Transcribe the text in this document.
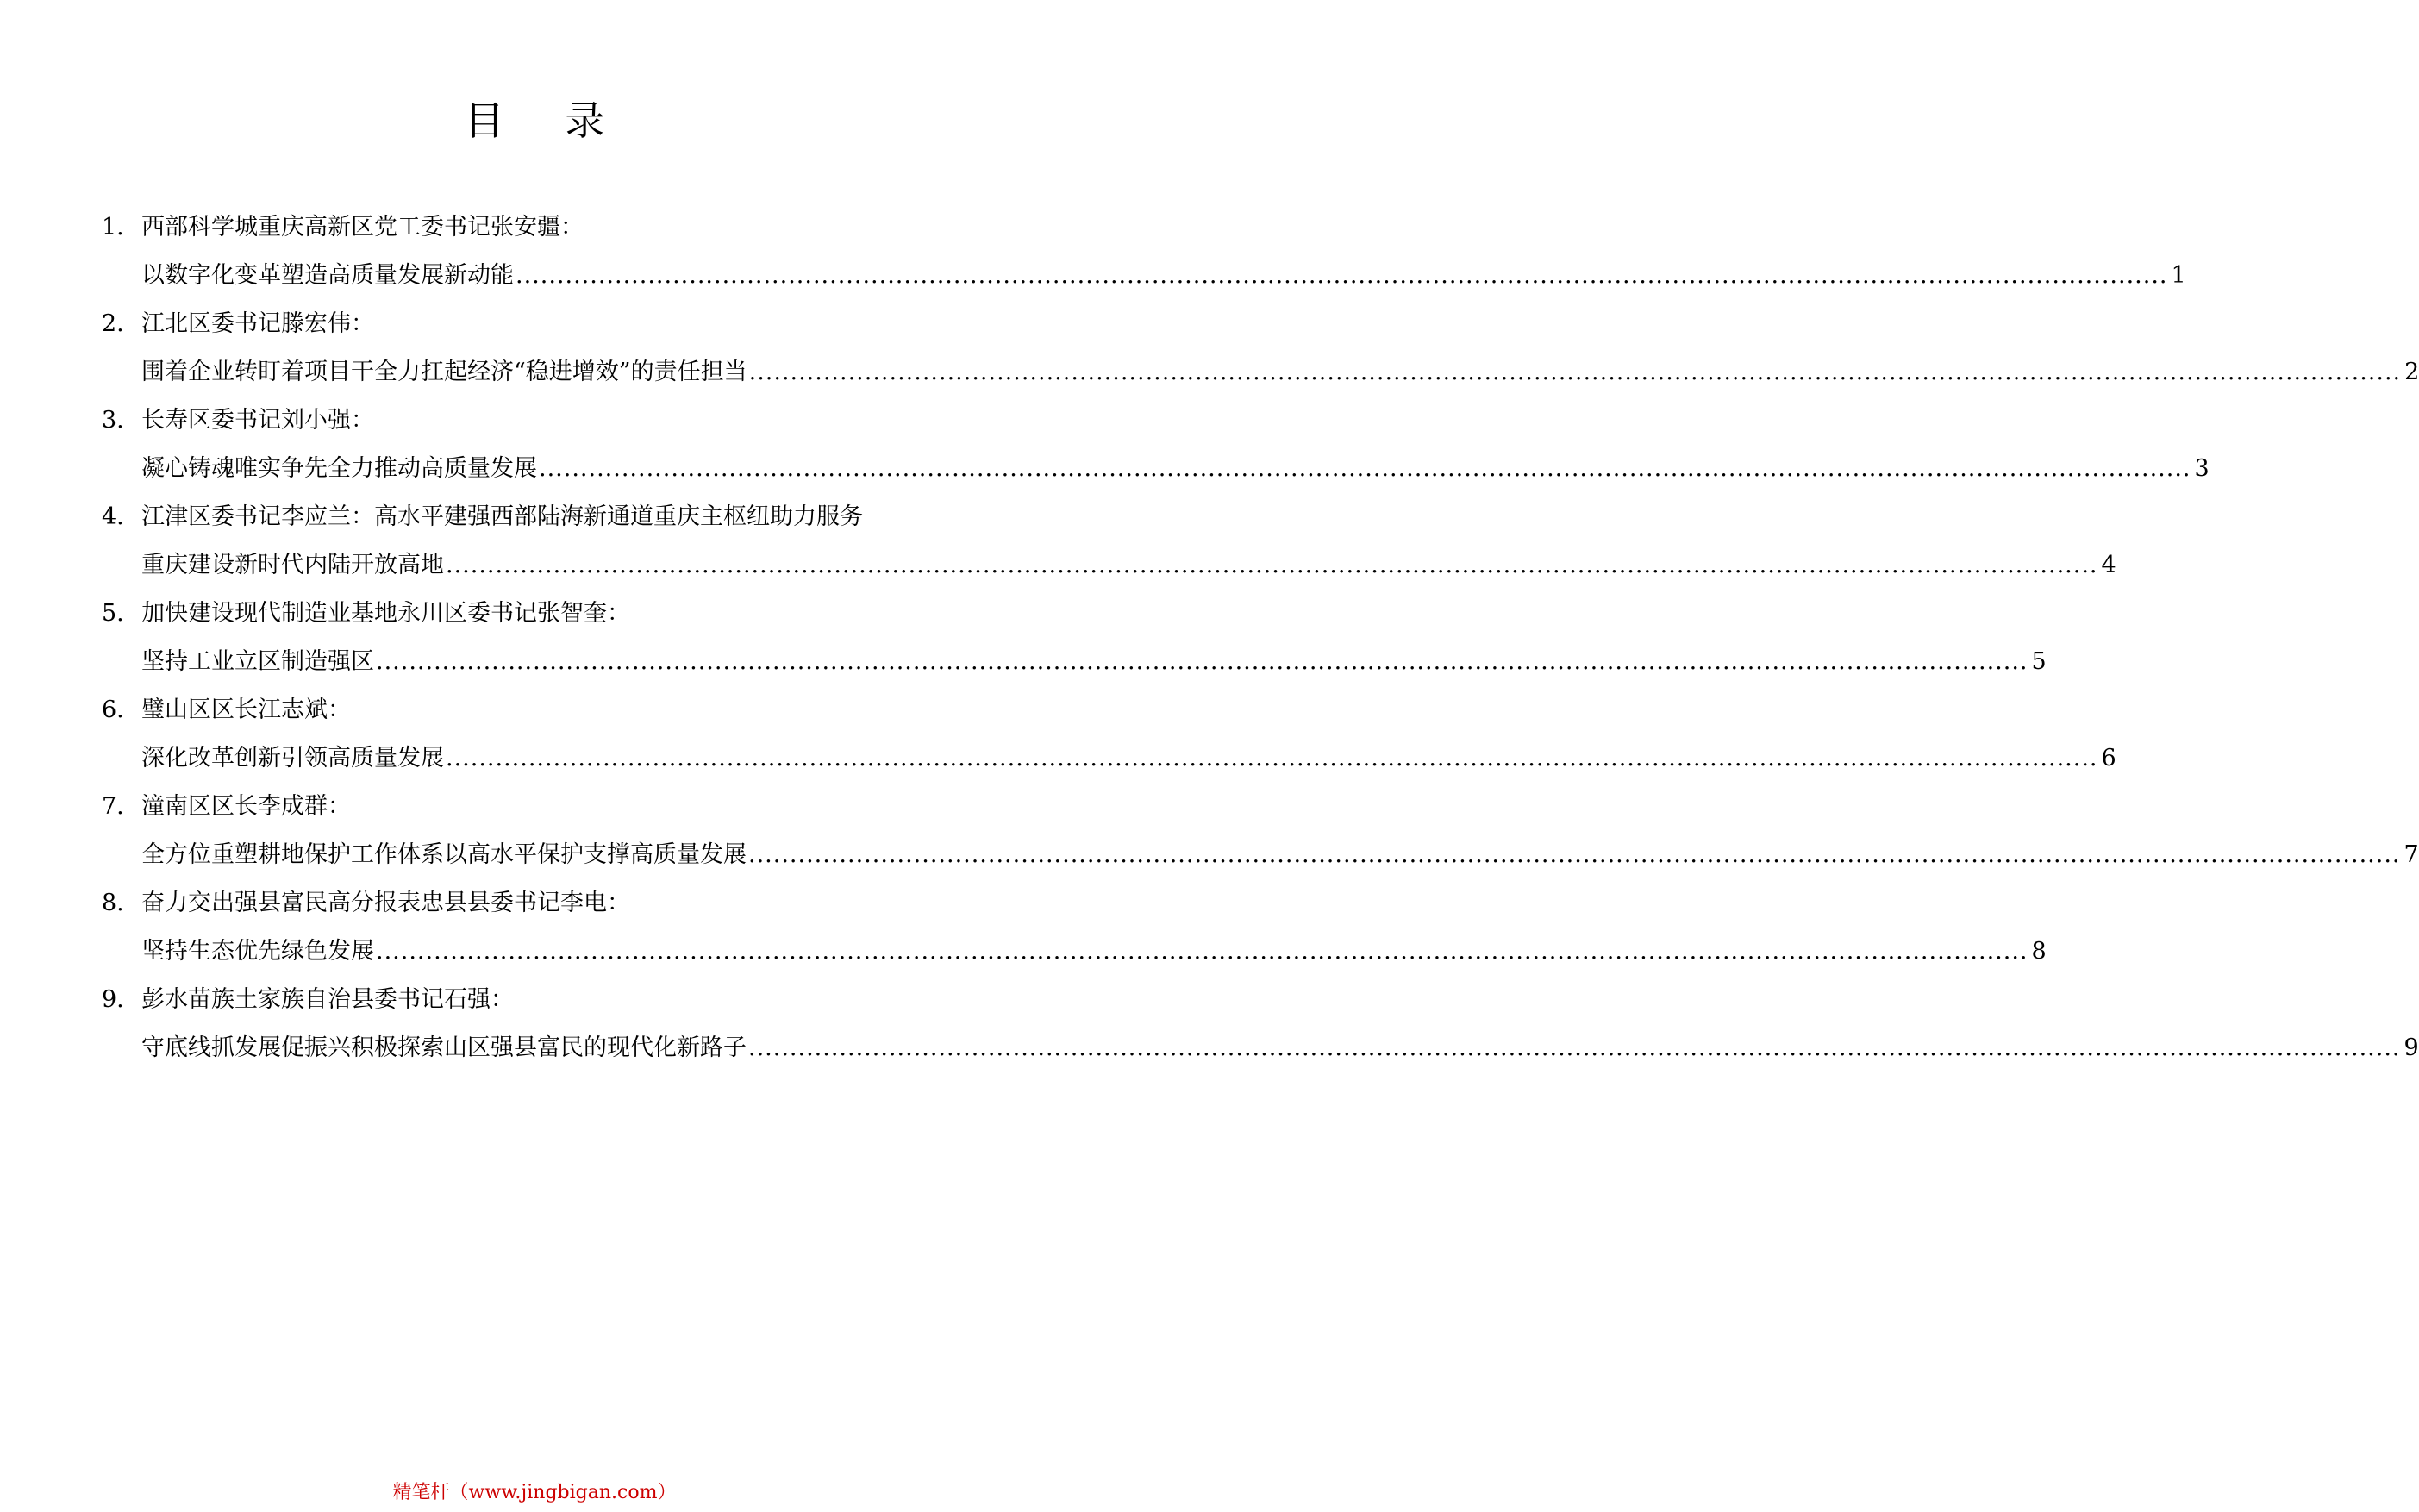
目 录
1. 西部科学城重庆高新区党工委书记张安疆：
以数字化变革塑造高质量发展新动能 ........................................................................................................................................................................................................ 1
2. 江北区委书记滕宏伟：
围着企业转盯着项目干全力扛起经济“稳进增效”的责任担当 ........................................................................................................................................................................................................ 2
3. 长寿区委书记刘小强：
凝心铸魂唯实争先全力推动高质量发展 ........................................................................................................................................................................................................ 3
4. 江津区委书记李应兰：高水平建强西部陆海新通道重庆主枢纽助力服务
重庆建设新时代内陆开放高地 ........................................................................................................................................................................................................ 4
5. 加快建设现代制造业基地永川区委书记张智奎：
坚持工业立区制造强区 ........................................................................................................................................................................................................ 5
6. 璧山区区长江志斌：
深化改革创新引领高质量发展 ........................................................................................................................................................................................................ 6
7. 潼南区区长李成群：
全方位重塑耕地保护工作体系以高水平保护支撑高质量发展 ........................................................................................................................................................................................................ 7
8. 奋力交出强县富民高分报表忠县县委书记李电：
坚持生态优先绿色发展 ........................................................................................................................................................................................................ 8
9. 彭水苗族土家族自治县委书记石强：
守底线抓发展促振兴积极探索山区强县富民的现代化新路子 ........................................................................................................................................................................................................ 9
精笔杆（www.jingbigan.com）
